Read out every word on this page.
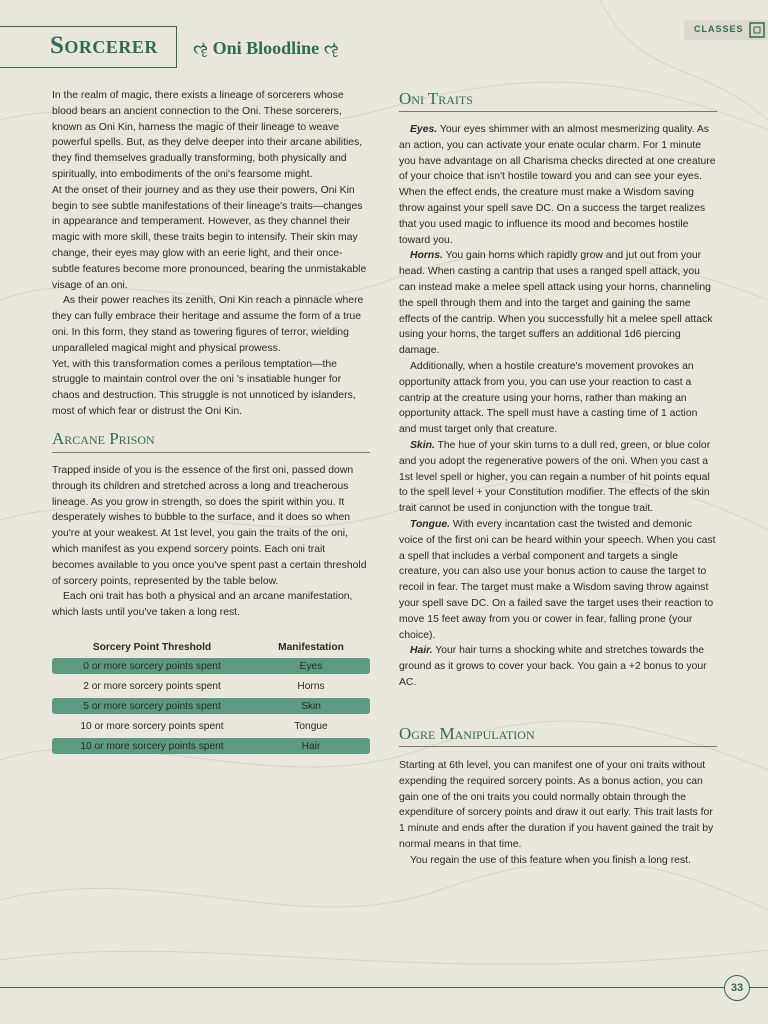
Sorcerer ૡ Oni Bloodline ૡ
CLASSES

In the realm of magic, there exists a lineage of sorcerers whose blood bears an ancient connection to the Oni. These sorcerers, known as Oni Kin, harness the magic of their lineage to weave powerful spells. But, as they delve deeper into their arcane abilities, they find themselves gradually transforming, both physically and spiritually, into embodiments of the oni's fearsome might.

At the onset of their journey and as they use their powers, Oni Kin begin to see subtle manifestations of their lineage's traits—changes in appearance and temperament. However, as they channel their magic with more skill, these traits begin to intensify. Their skin may change, their eyes may glow with an eerie light, and their once-subtle features become more pronounced, bearing the unmistakable visage of an oni.

As their power reaches its zenith, Oni Kin reach a pinnacle where they can fully embrace their heritage and assume the form of a true oni. In this form, they stand as towering figures of terror, wielding unparalleled magical might and physical prowess.

Yet, with this transformation comes a perilous temptation—the struggle to maintain control over the oni 's insatiable hunger for chaos and destruction. This struggle is not unnoticed by islanders, most of which fear or distrust the Oni Kin.

Arcane Prison

Trapped inside of you is the essence of the first oni, passed down through its children and stretched across a long and treacherous lineage. As you grow in strength, so does the spirit within you. It desperately wishes to bubble to the surface, and it does so when you're at your weakest. At 1st level, you gain the traits of the oni, which manifest as you expend sorcery points. Each oni trait becomes available to you once you've spent past a certain threshold of sorcery points, represented by the table below.

Each oni trait has both a physical and an arcane manifestation, which lasts until you've taken a long rest.

Sorcery Point Threshold	Manifestation
0 or more sorcery points spent	Eyes
2 or more sorcery points spent	Horns
5 or more sorcery points spent	Skin
10 or more sorcery points spent	Tongue
10 or more sorcery points spent	Hair
Oni Traits

Eyes. Your eyes shimmer with an almost mesmerizing quality. As an action, you can activate your enate ocular charm. For 1 minute you have advantage on all Charisma checks directed at one creature of your choice that isn't hostile toward you and can see your eyes. When the effect ends, the creature must make a Wisdom saving throw against your spell save DC. On a success the target realizes that you used magic to influence its mood and becomes hostile toward you.

Horns. You gain horns which rapidly grow and jut out from your head. When casting a cantrip that uses a ranged spell attack, you can instead make a melee spell attack using your horns, channeling the spell through them and into the target and gaining the same effects of the cantrip. When you successfully hit a melee spell attack using your horns, the target suffers an additional 1d6 piercing damage.

Additionally, when a hostile creature's movement provokes an opportunity attack from you, you can use your reaction to cast a cantrip at the creature using your horns, rather than making an opportunity attack. The spell must have a casting time of 1 action and must target only that creature.

Skin. The hue of your skin turns to a dull red, green, or blue color and you adopt the regenerative powers of the oni. When you cast a 1st level spell or higher, you can regain a number of hit points equal to the spell level + your Constitution modifier. The effects of the skin trait cannot be used in conjunction with the tongue trait.

Tongue. With every incantation cast the twisted and demonic voice of the first oni can be heard within your speech. When you cast a spell that includes a verbal component and targets a single creature, you can also use your bonus action to cause the target to recoil in fear. The target must make a Wisdom saving throw against your spell save DC. On a failed save the target uses their reaction to move 15 feet away from you or cower in fear, falling prone (your choice).

Hair. Your hair turns a shocking white and stretches towards the ground as it grows to cover your back. You gain a +2 bonus to your AC.

Ogre Manipulation

Starting at 6th level, you can manifest one of your oni traits without expending the required sorcery points. As a bonus action, you can gain one of the oni traits you could normally obtain through the expenditure of sorcery points and draw it out early. This trait lasts for 1 minute and ends after the duration if you havent gained the trait by normal means in that time.

You regain the use of this feature when you finish a long rest.

33
